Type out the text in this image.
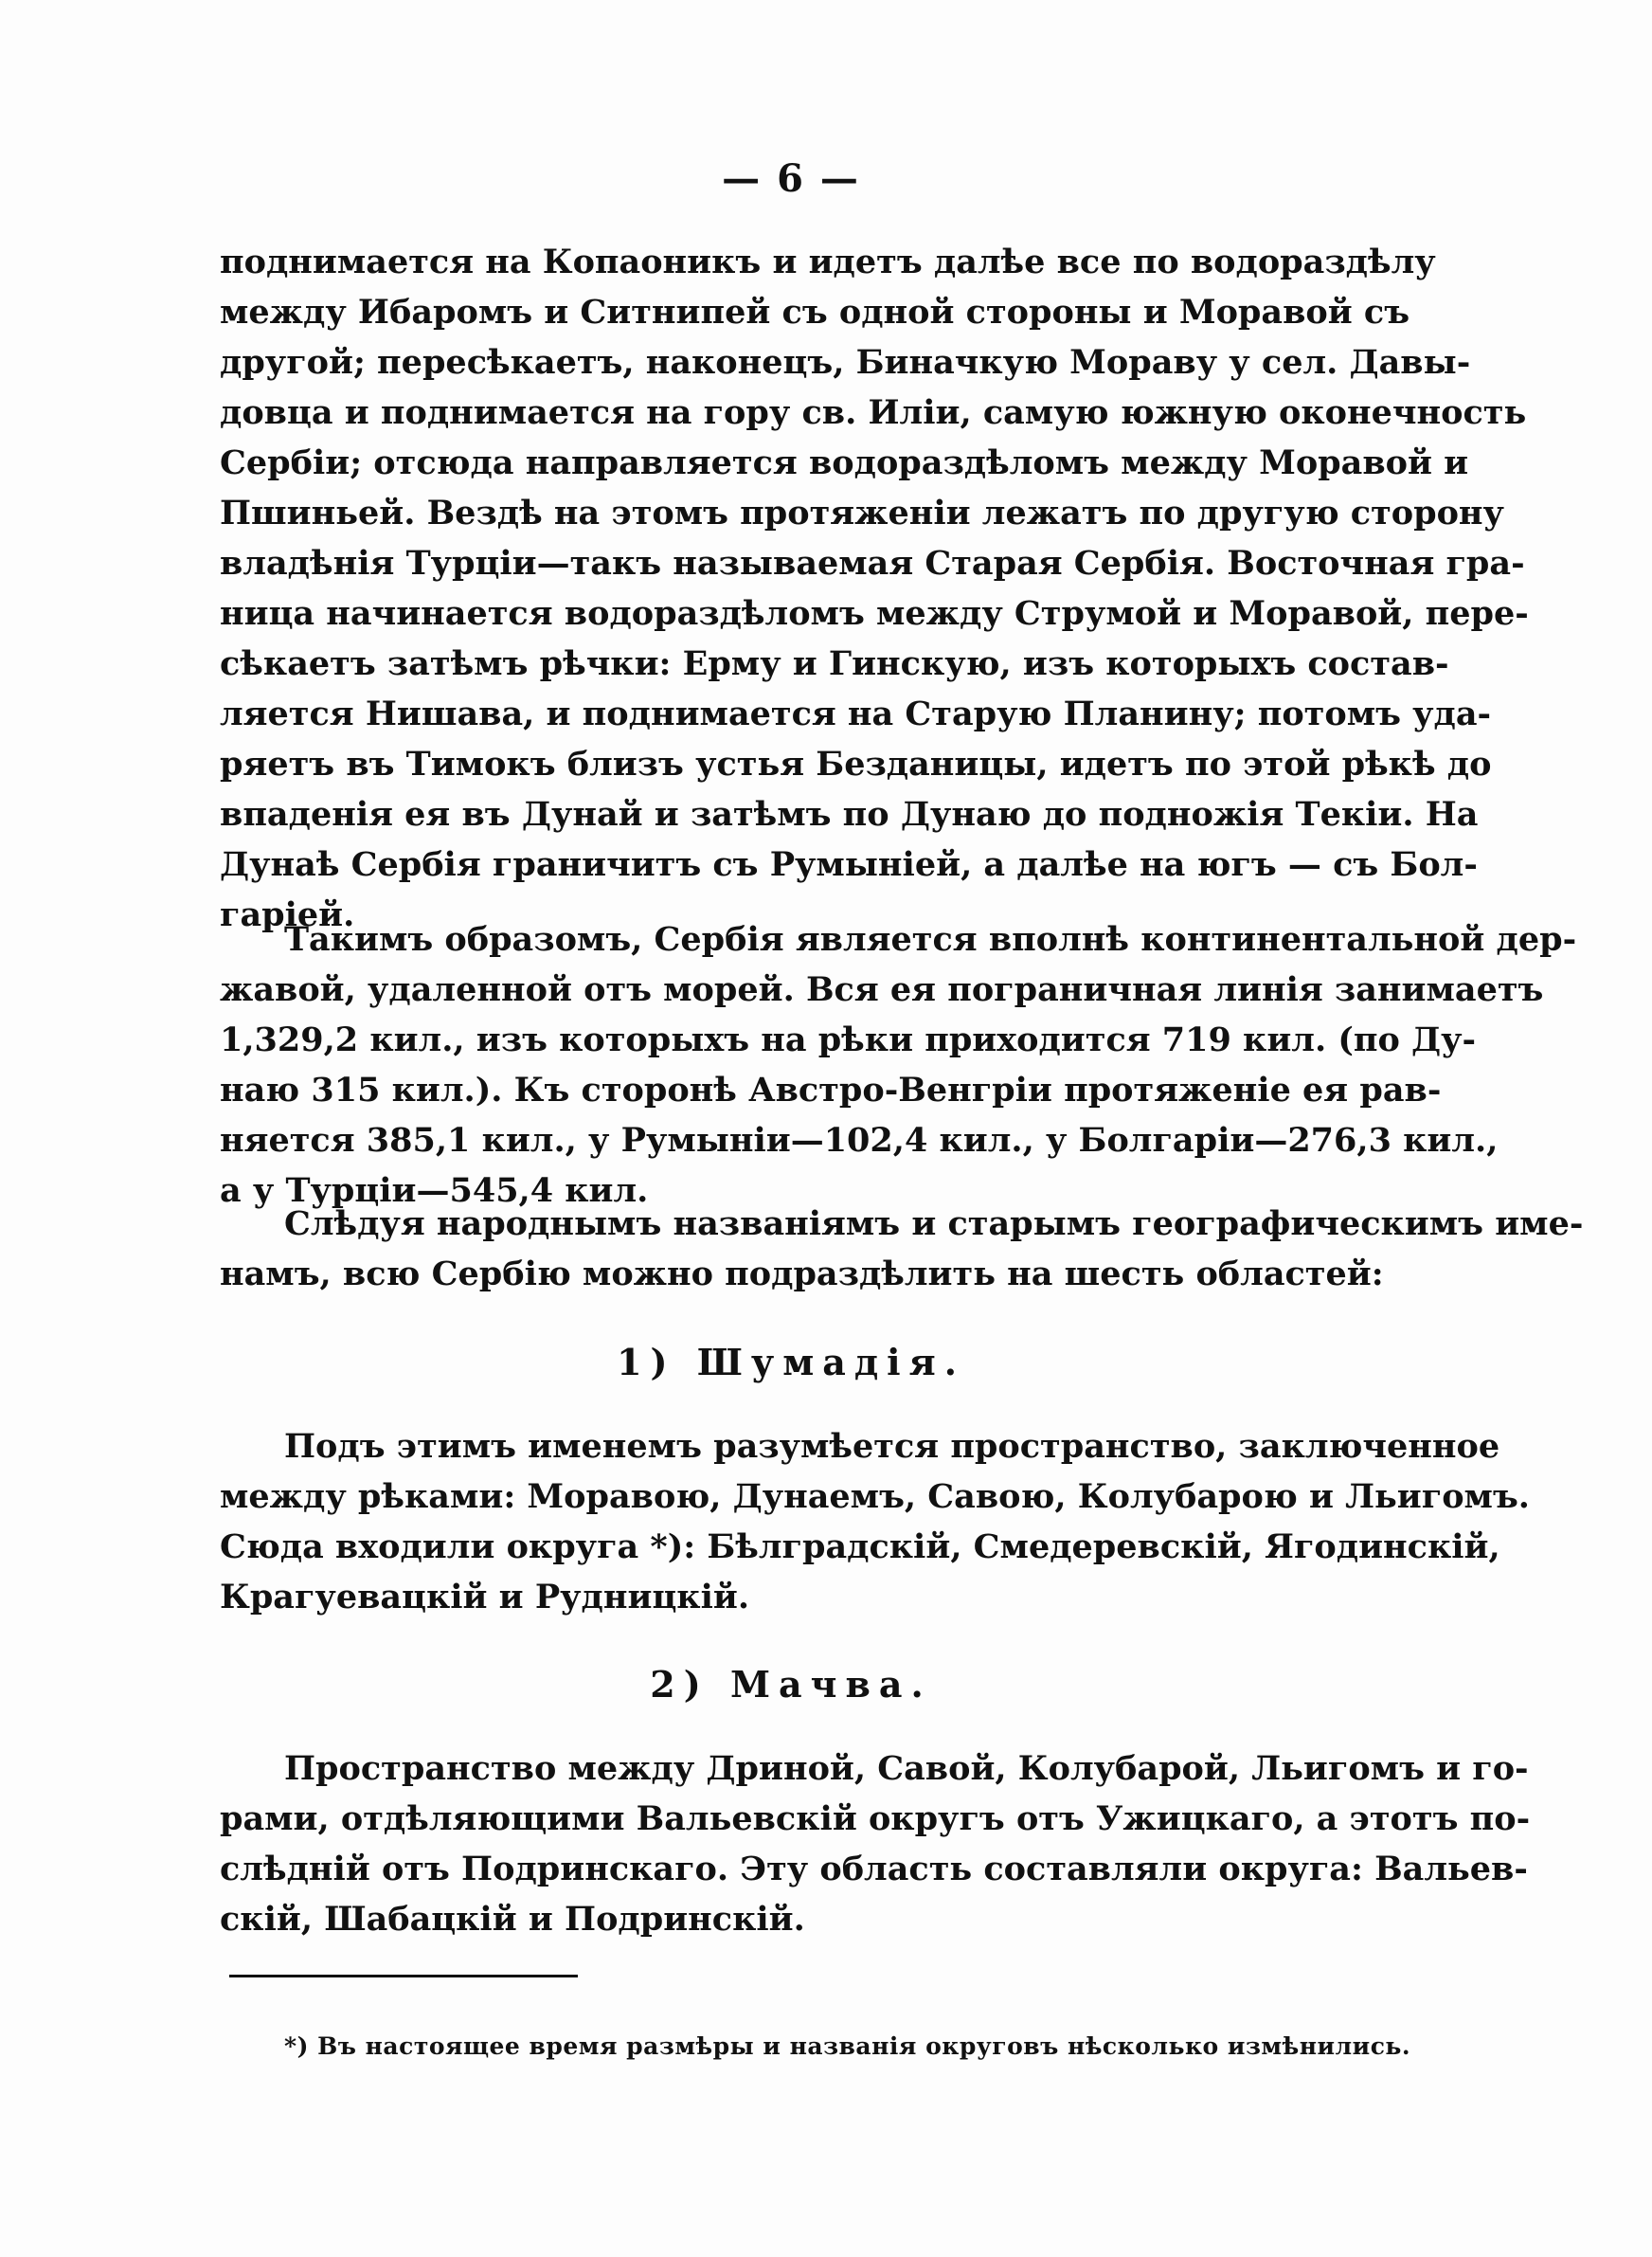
— 6 —
поднимается на Копаоникъ и идетъ далѣе все по водораздѣлу
между Ибаромъ и Ситнипей съ одной стороны и Моравой съ
другой; пересѣкаетъ, наконецъ, Биначкую Мораву у сел. Давы-
довца и поднимается на гору св. Иліи, самую южную оконечность
Сербіи; отсюда направляется водораздѣломъ между Моравой и
Пшиньей. Вездѣ на этомъ протяженіи лежатъ по другую сторону
владѣнія Турціи—такъ называемая Старая Сербія. Восточная гра-
ница начинается водораздѣломъ между Струмой и Моравой, пере-
сѣкаетъ затѣмъ рѣчки: Ерму и Гинскую, изъ которыхъ состав-
ляется Нишава, и поднимается на Старую Планину; потомъ уда-
ряетъ въ Тимокъ близъ устья Безданицы, идетъ по этой рѣкѣ до
впаденія ея въ Дунай и затѣмъ по Дунаю до подножія Текіи. На
Дунаѣ Сербія граничитъ съ Румыніей, а далѣе на югъ — съ Бол-
гаріей.
Такимъ образомъ, Сербія является вполнѣ континентальной дер-
жавой, удаленной отъ морей. Вся ея пограничная линія занимаетъ
1,329,2 кил., изъ которыхъ на рѣки приходится 719 кил. (по Ду-
наю 315 кил.). Къ сторонѣ Австро-Венгріи протяженіе ея рав-
няется 385,1 кил., у Румыніи—102,4 кил., у Болгаріи—276,3 кил.,
а у Турціи—545,4 кил.
Слѣдуя народнымъ названіямъ и старымъ географическимъ име-
намъ, всю Сербію можно подраздѣлить на шесть областей:
1) Шумадія.
Подъ этимъ именемъ разумѣется пространство, заключенное
между рѣками: Моравою, Дунаемъ, Савою, Колубарою и Льигомъ.
Сюда входили округа *): Бѣлградскій, Смедеревскій, Ягодинскій,
Крагуевацкій и Рудницкій.
2) Мачва.
Пространство между Дриной, Савой, Колубарой, Льигомъ и го-
рами, отдѣляющими Вальевскій округъ отъ Ужицкаго, а этотъ по-
слѣдній отъ Подринскаго. Эту область составляли округа: Вальев-
скій, Шабацкій и Подринскій.
*) Въ настоящее время размѣры и названія округовъ нѣсколько измѣнились.
